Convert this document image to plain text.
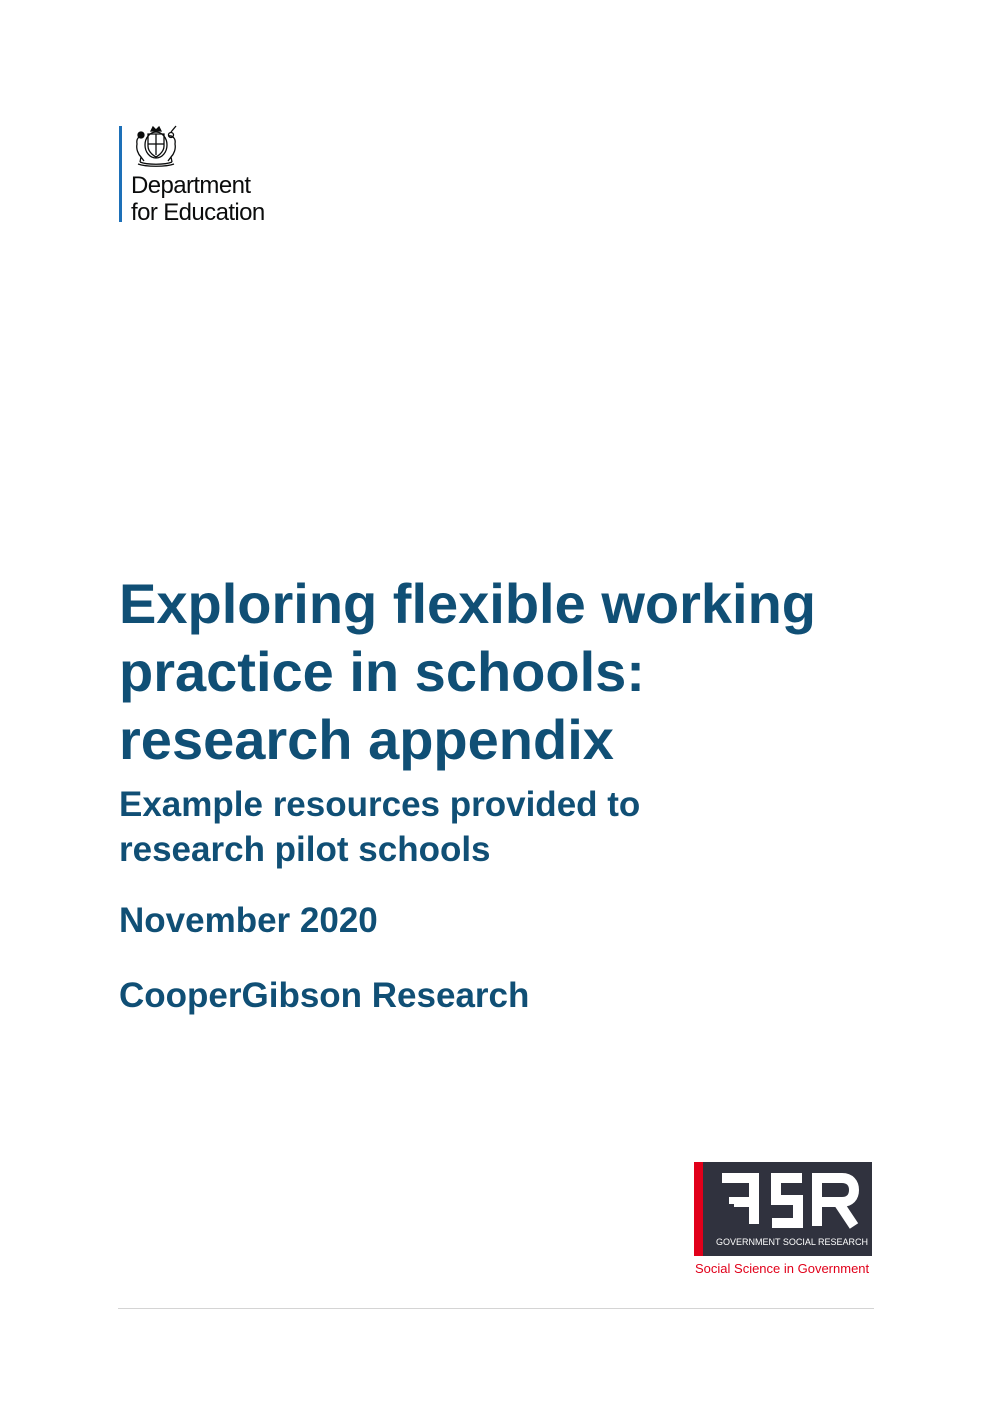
Department
for Education
Exploring flexible working
practice in schools:
research appendix
Example resources provided to
research pilot schools
November 2020
CooperGibson Research
GOVERNMENT SOCIAL RESEARCH
Social Science in Government
